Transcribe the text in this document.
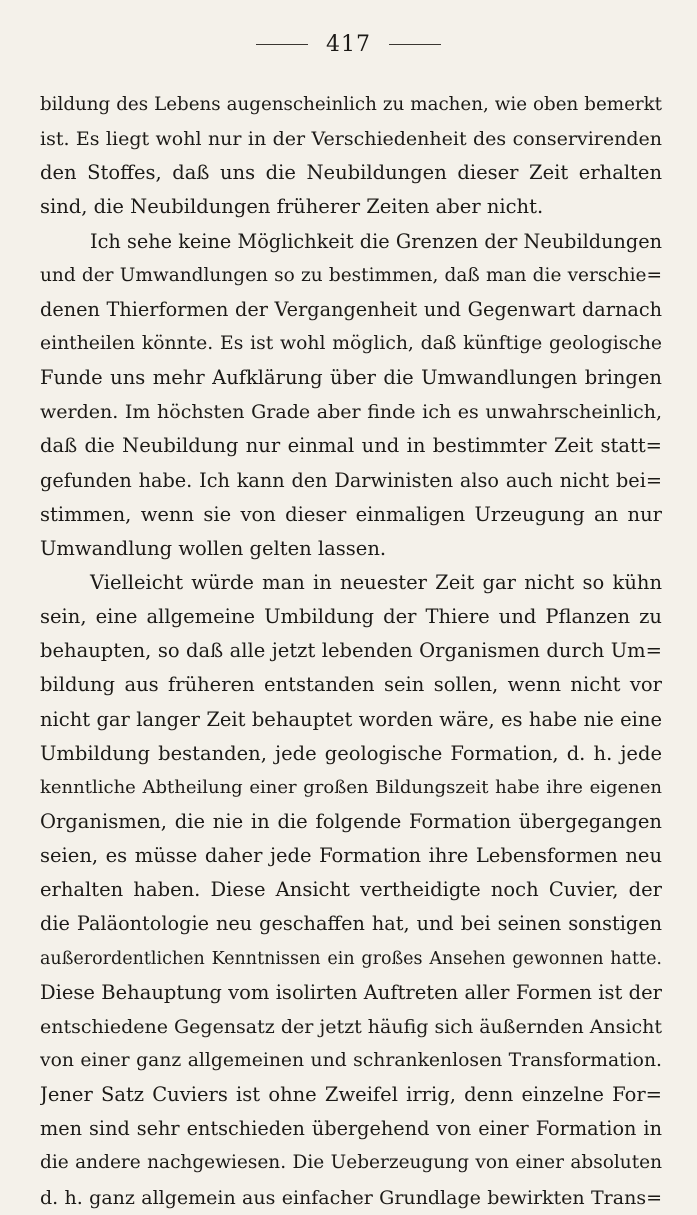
417
bildung des Lebens augenscheinlich zu machen, wie oben bemerkt
ist. Es liegt wohl nur in der Verschiedenheit des conservirenden
den Stoffes, daß uns die Neubildungen dieser Zeit erhalten
sind, die Neubildungen früherer Zeiten aber nicht.
Ich sehe keine Möglichkeit die Grenzen der Neubildungen
und der Umwandlungen so zu bestimmen, daß man die verschie=
denen Thierformen der Vergangenheit und Gegenwart darnach
eintheilen könnte. Es ist wohl möglich, daß künftige geologische
Funde uns mehr Aufklärung über die Umwandlungen bringen
werden. Im höchsten Grade aber finde ich es unwahrscheinlich,
daß die Neubildung nur einmal und in bestimmter Zeit statt=
gefunden habe. Ich kann den Darwinisten also auch nicht bei=
stimmen, wenn sie von dieser einmaligen Urzeugung an nur
Umwandlung wollen gelten lassen.
Vielleicht würde man in neuester Zeit gar nicht so kühn
sein, eine allgemeine Umbildung der Thiere und Pflanzen zu
behaupten, so daß alle jetzt lebenden Organismen durch Um=
bildung aus früheren entstanden sein sollen, wenn nicht vor
nicht gar langer Zeit behauptet worden wäre, es habe nie eine
Umbildung bestanden, jede geologische Formation, d. h. jede
kenntliche Abtheilung einer großen Bildungszeit habe ihre eigenen
Organismen, die nie in die folgende Formation übergegangen
seien, es müsse daher jede Formation ihre Lebensformen neu
erhalten haben. Diese Ansicht vertheidigte noch Cuvier, der
die Paläontologie neu geschaffen hat, und bei seinen sonstigen
außerordentlichen Kenntnissen ein großes Ansehen gewonnen hatte.
Diese Behauptung vom isolirten Auftreten aller Formen ist der
entschiedene Gegensatz der jetzt häufig sich äußernden Ansicht
von einer ganz allgemeinen und schrankenlosen Transformation.
Jener Satz Cuviers ist ohne Zweifel irrig, denn einzelne For=
men sind sehr entschieden übergehend von einer Formation in
die andere nachgewiesen. Die Ueberzeugung von einer absoluten
d. h. ganz allgemein aus einfacher Grundlage bewirkten Trans=
